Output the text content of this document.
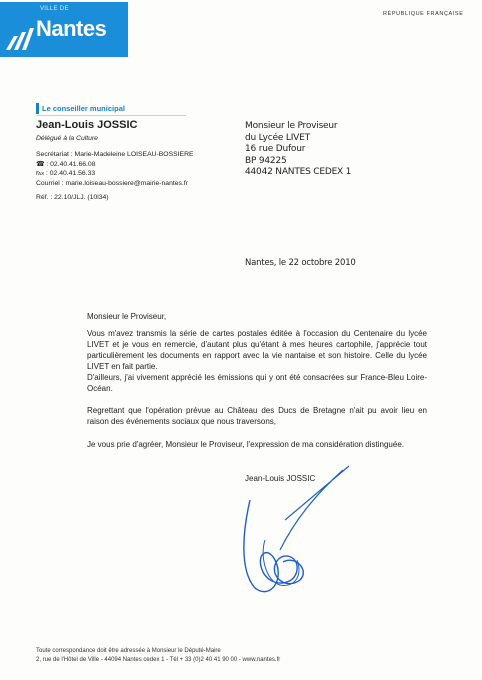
VILLE DE
Nantes
RÉPUBLIQUE FRANÇAISE
Le conseiller municipal
Jean-Louis JOSSIC
Délégué à la Culture
Secrétariat : Marie-Madeleine LOISEAU-BOSSIERE
☎ : 02.40.41.66.08
℻ : 02.40.41.56.33
Courriel : marie.loiseau-bossiere@mairie-nantes.fr
Réf. : 22.10/JLJ. (10l34)
Monsieur le Proviseur
du Lycée LIVET
16 rue Dufour
BP 94225
44042 NANTES CEDEX 1
Nantes, le 22 octobre 2010
Monsieur le Proviseur,
Vous m'avez transmis la série de cartes postales éditée à l'occasion du Centenaire du lycée LIVET et je vous en remercie, d'autant plus qu'étant à mes heures cartophile, j'apprécie tout particulièrement les documents en rapport avec la vie nantaise et son histoire. Celle du lycée LIVET en fait partie.
D'ailleurs, j'ai vivement apprécié les émissions qui y ont été consacrées sur France-Bleu Loire-Océan.
Regrettant que l'opération prévue au Château des Ducs de Bretagne n'ait pu avoir lieu en raison des événements sociaux que nous traversons,
Je vous prie d'agréer, Monsieur le Proviseur, l'expression de ma considération distinguée.
Jean-Louis JOSSIC
Toute correspondance doit être adressée à Monsieur le Député-Maire
2, rue de l'Hôtel de Ville - 44094 Nantes cedex 1 - Tél + 33 (0)2 40 41 90 00 - www.nantes.fr
